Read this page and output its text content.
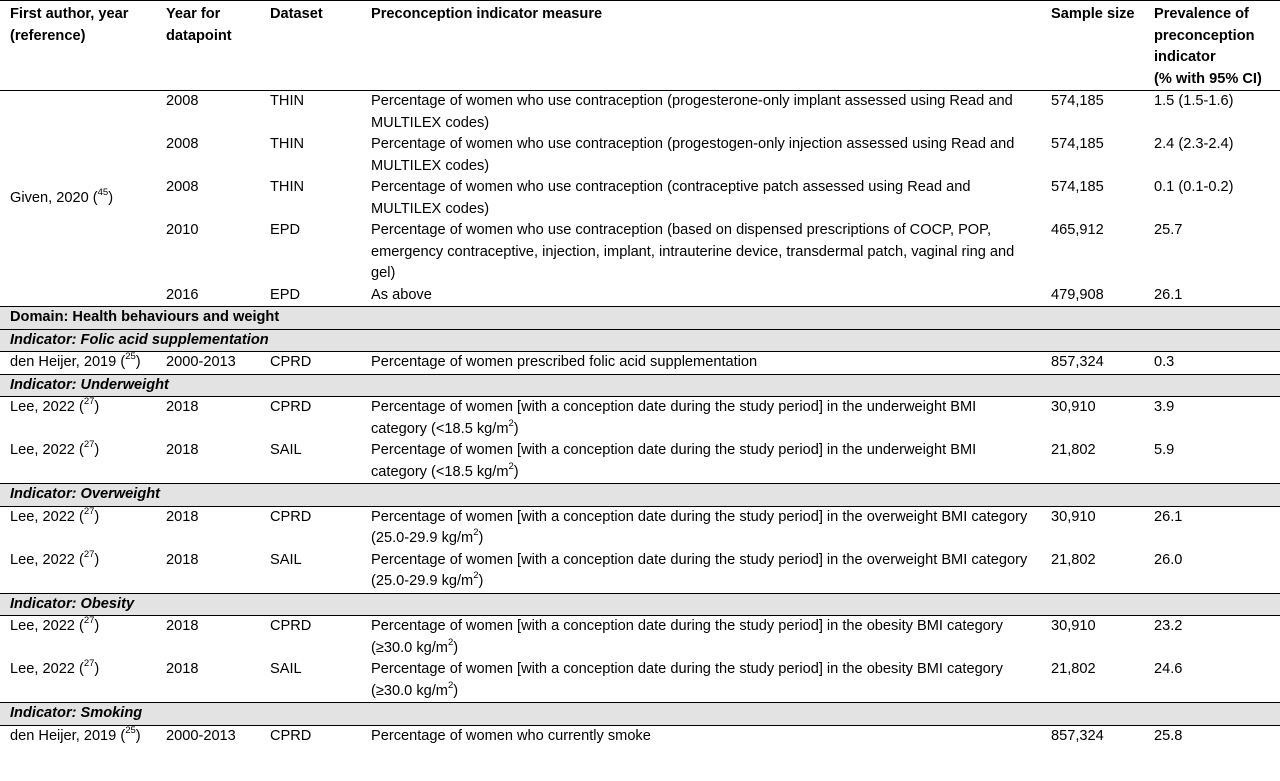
First author, year (reference)	Year for datapoint	Dataset	Preconception indicator measure	Sample size	Prevalence of preconception indicator
(% with 95% CI)
Given, 2020 ($^{45}$)	2008	THIN	Percentage of women who use contraception (progesterone-only implant assessed using Read and MULTILEX codes)	574,185	1.5 (1.5-1.6)
	2008	THIN	Percentage of women who use contraception (progestogen-only injection assessed using Read and MULTILEX codes)	574,185	2.4 (2.3-2.4)
	2008	THIN	Percentage of women who use contraception (contraceptive patch assessed using Read and MULTILEX codes)	574,185	0.1 (0.1-0.2)
	2010	EPD	Percentage of women who use contraception (based on dispensed prescriptions of COCP, POP, emergency contraceptive, injection, implant, intrauterine device, transdermal patch, vaginal ring and gel)	465,912	25.7
	2016	EPD	As above	479,908	26.1
Domain: Health behaviours and weight					
Indicator: Folic acid supplementation					
den Heijer, 2019 ($^{25}$)	2000-2013	CPRD	Percentage of women prescribed folic acid supplementation	857,324	0.3
Indicator: Underweight					
Lee, 2022 ($^{27}$)	2018	CPRD	Percentage of women [with a conception date during the study period] in the underweight BMI category (<18.5 $kg/m^2$)	30,910	3.9
Lee, 2022 ($^{27}$)	2018	SAIL	Percentage of women [with a conception date during the study period] in the underweight BMI category (<18.5 $kg/m^2$)	21,802	5.9
Indicator: Overweight					
Lee, 2022 ($^{27}$)	2018	CPRD	Percentage of women [with a conception date during the study period] in the overweight BMI category (25.0-29.9 $kg/m^2$)	30,910	26.1
Lee, 2022 ($^{27}$)	2018	SAIL	Percentage of women [with a conception date during the study period] in the overweight BMI category (25.0-29.9 $kg/m^2$)	21,802	26.0
Indicator: Obesity					
Lee, 2022 ($^{27}$)	2018	CPRD	Percentage of women [with a conception date during the study period] in the obesity BMI category (≥30.0 $kg/m^2$)	30,910	23.2
Lee, 2022 ($^{27}$)	2018	SAIL	Percentage of women [with a conception date during the study period] in the obesity BMI category (≥30.0 $kg/m^2$)	21,802	24.6
Indicator: Smoking					
den Heijer, 2019 ($^{25}$)	2000-2013	CPRD	Percentage of women who currently smoke	857,324	25.8
